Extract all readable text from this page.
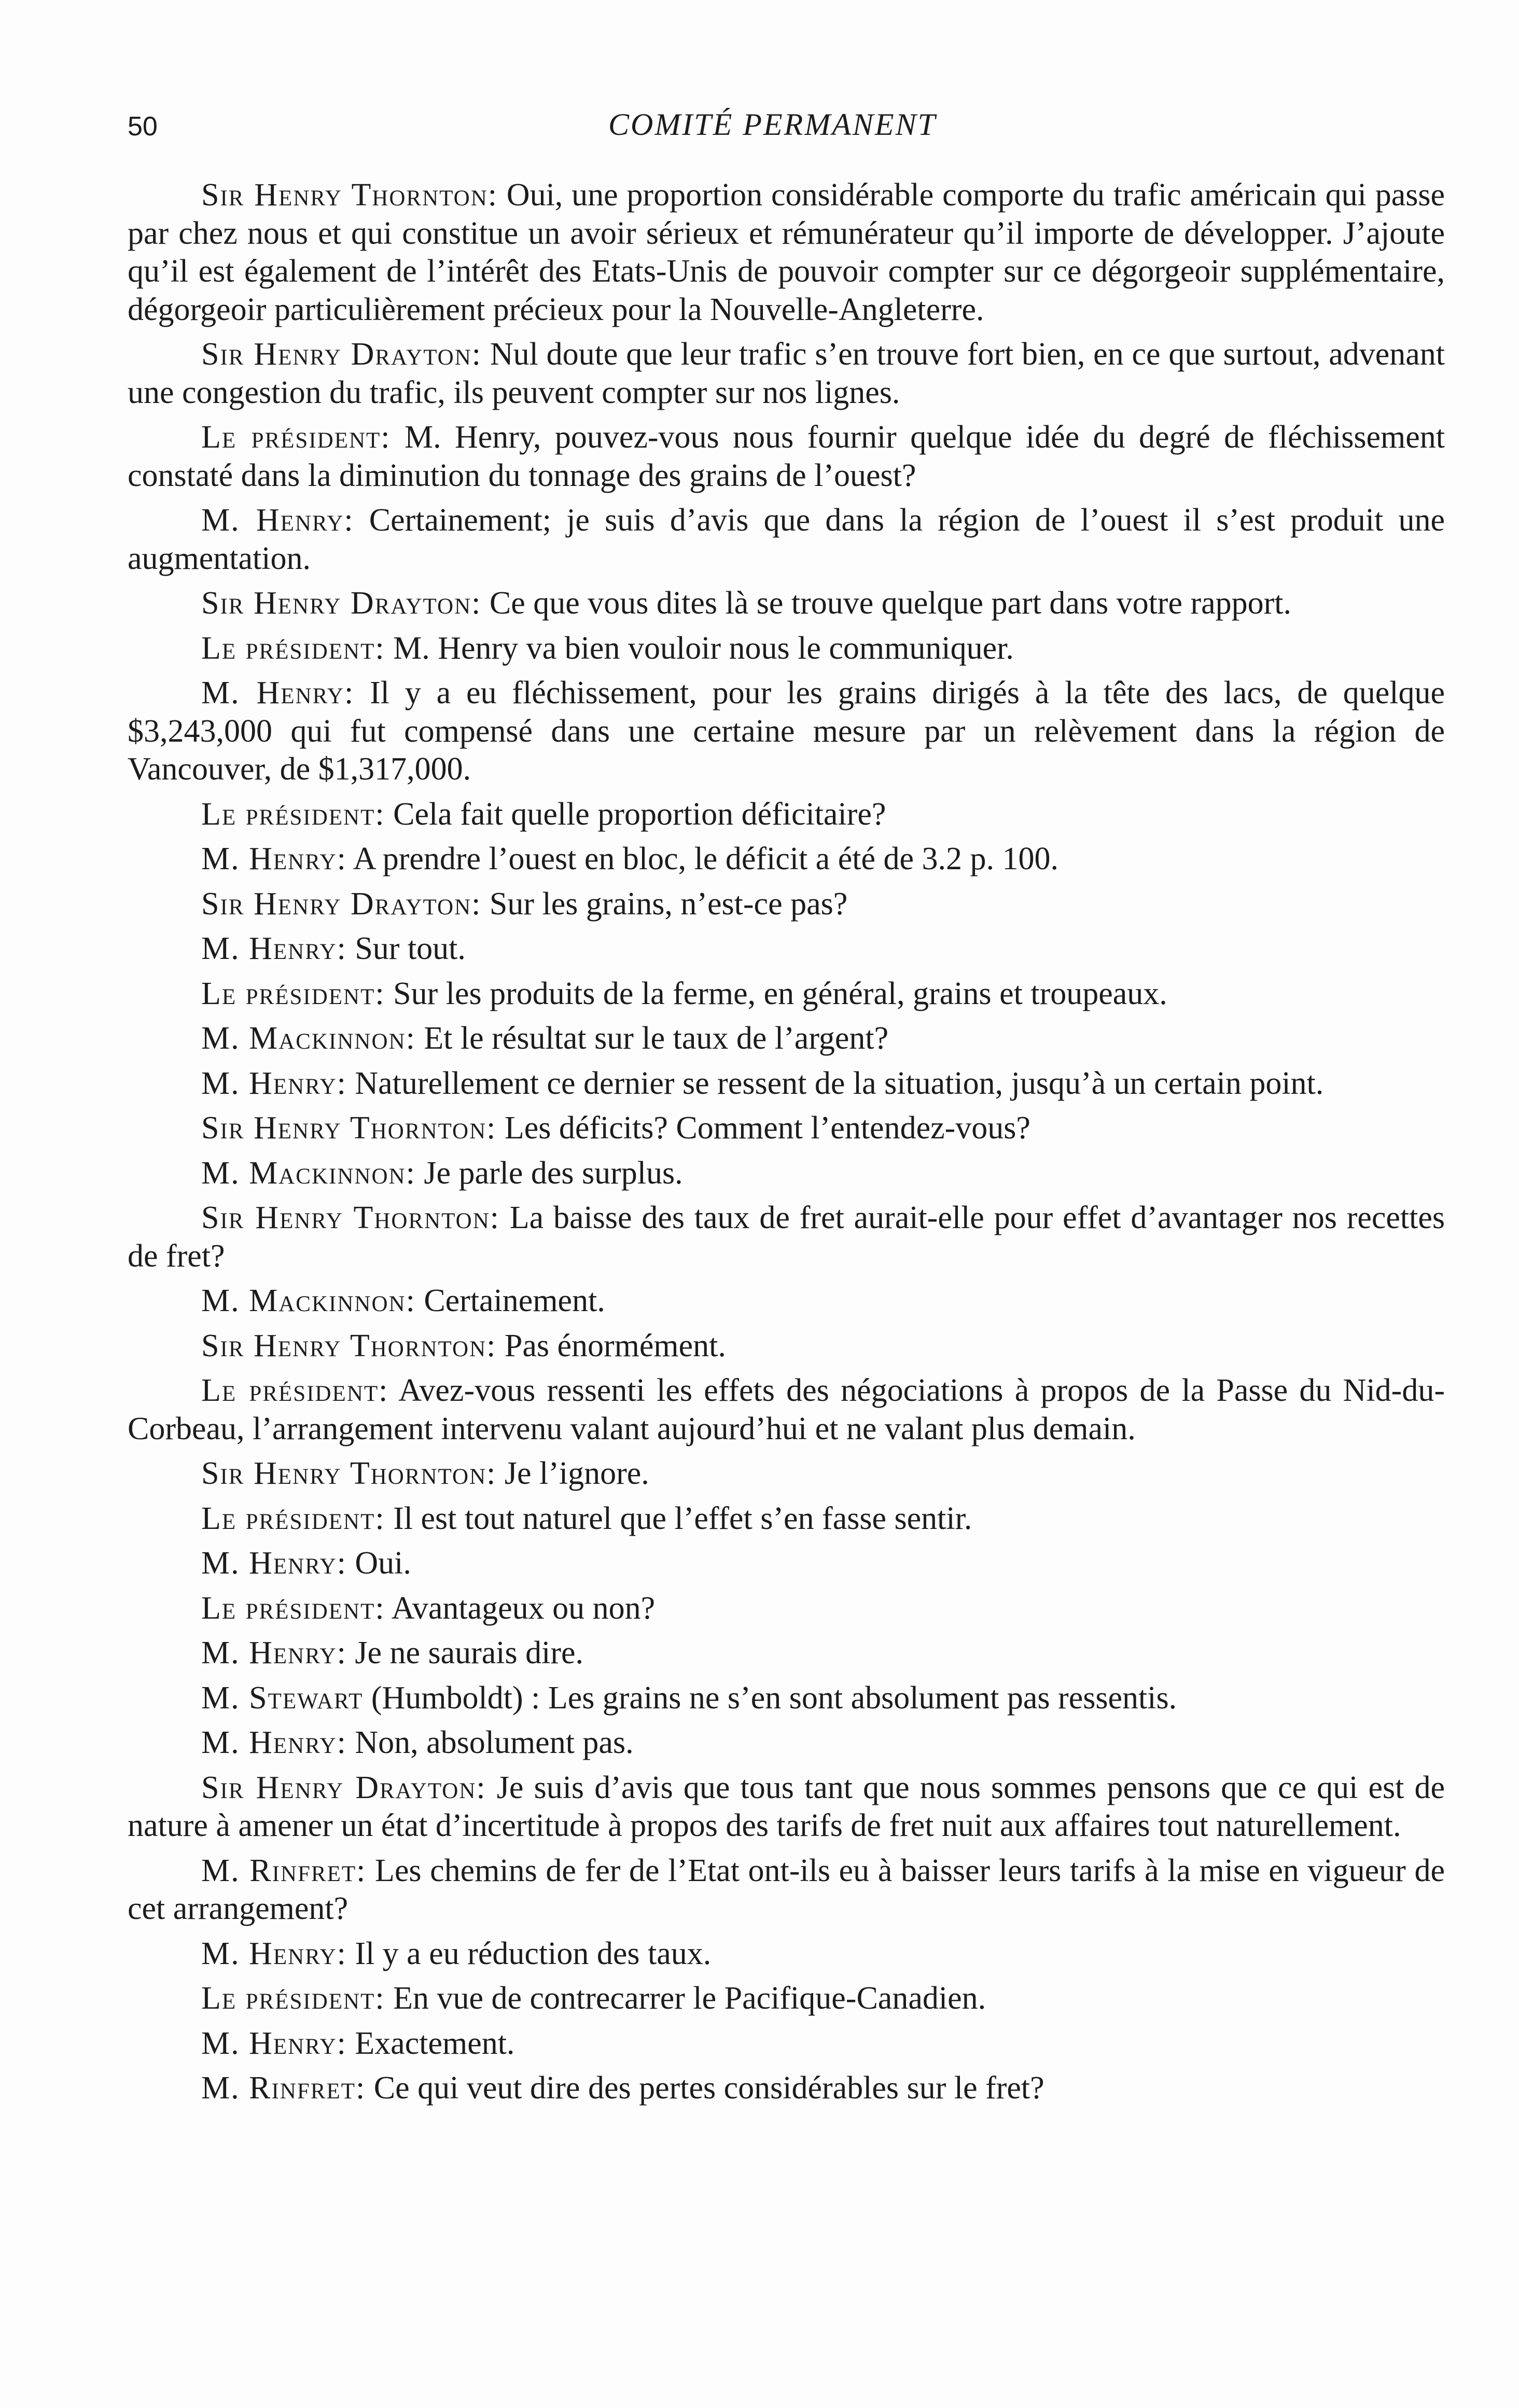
50	COMITÉ PERMANENT

Sir Henry Thornton: Oui, une proportion considérable comporte du trafic américain qui passe par chez nous et qui constitue un avoir sérieux et rémunérateur qu’il importe de développer. J’ajoute qu’il est également de l’intérêt des Etats-Unis de pouvoir compter sur ce dégorgeoir supplémentaire, dégorgeoir particulièrement précieux pour la Nouvelle-Angleterre.

Sir Henry Drayton: Nul doute que leur trafic s’en trouve fort bien, en ce que surtout, advenant une congestion du trafic, ils peuvent compter sur nos lignes.

Le président: M. Henry, pouvez-vous nous fournir quelque idée du degré de fléchissement constaté dans la diminution du tonnage des grains de l’ouest?

M. Henry: Certainement; je suis d’avis que dans la région de l’ouest il s’est produit une augmentation.

Sir Henry Drayton: Ce que vous dites là se trouve quelque part dans votre rapport.

Le président: M. Henry va bien vouloir nous le communiquer.

M. Henry: Il y a eu fléchissement, pour les grains dirigés à la tête des lacs, de quelque $3,243,000 qui fut compensé dans une certaine mesure par un relèvement dans la région de Vancouver, de $1,317,000.

Le président: Cela fait quelle proportion déficitaire?

M. Henry: A prendre l’ouest en bloc, le déficit a été de 3.2 p. 100.

Sir Henry Drayton: Sur les grains, n’est-ce pas?

M. Henry: Sur tout.

Le président: Sur les produits de la ferme, en général, grains et troupeaux.

M. Mackinnon: Et le résultat sur le taux de l’argent?

M. Henry: Naturellement ce dernier se ressent de la situation, jusqu’à un certain point.

Sir Henry Thornton: Les déficits? Comment l’entendez-vous?

M. Mackinnon: Je parle des surplus.

Sir Henry Thornton: La baisse des taux de fret aurait-elle pour effet d’avantager nos recettes de fret?

M. Mackinnon: Certainement.

Sir Henry Thornton: Pas énormément.

Le président: Avez-vous ressenti les effets des négociations à propos de la Passe du Nid-du-Corbeau, l’arrangement intervenu valant aujourd’hui et ne valant plus demain.

Sir Henry Thornton: Je l’ignore.

Le président: Il est tout naturel que l’effet s’en fasse sentir.

M. Henry: Oui.

Le président: Avantageux ou non?

M. Henry: Je ne saurais dire.

M. Stewart (Humboldt) : Les grains ne s’en sont absolument pas ressentis.

M. Henry: Non, absolument pas.

Sir Henry Drayton: Je suis d’avis que tous tant que nous sommes pensons que ce qui est de nature à amener un état d’incertitude à propos des tarifs de fret nuit aux affaires tout naturellement.

M. Rinfret: Les chemins de fer de l’Etat ont-ils eu à baisser leurs tarifs à la mise en vigueur de cet arrangement?

M. Henry: Il y a eu réduction des taux.

Le président: En vue de contrecarrer le Pacifique-Canadien.

M. Henry: Exactement.

M. Rinfret: Ce qui veut dire des pertes considérables sur le fret?
